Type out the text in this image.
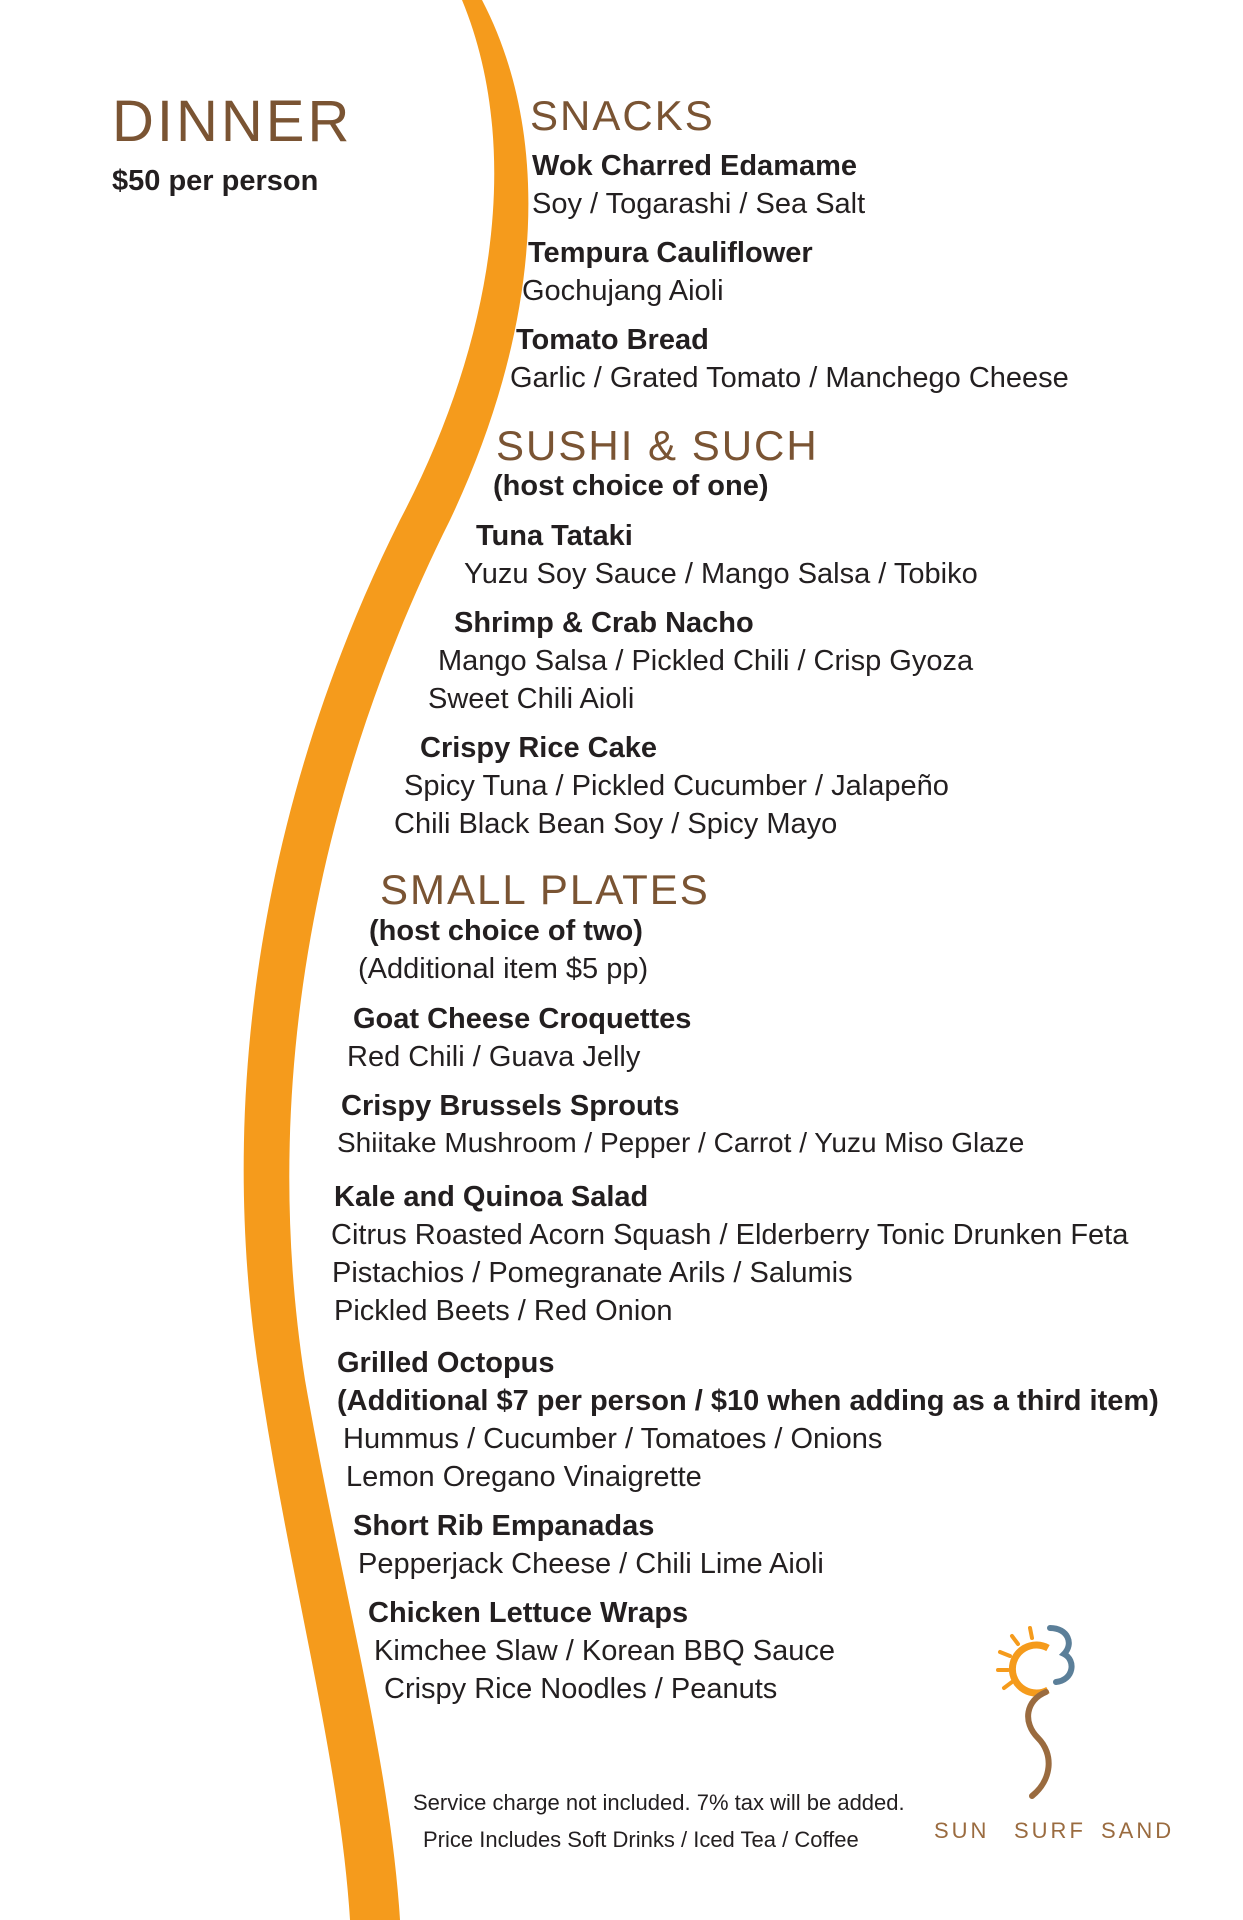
DINNER
$50 per person
SNACKS
Wok Charred Edamame
Soy / Togarashi / Sea Salt
Tempura Cauliflower
Gochujang Aioli
Tomato Bread
Garlic / Grated Tomato / Manchego Cheese
SUSHI & SUCH
(host choice of one)
Tuna Tataki
Yuzu Soy Sauce / Mango Salsa / Tobiko
Shrimp & Crab Nacho
Mango Salsa / Pickled Chili / Crisp Gyoza
Sweet Chili Aioli
Crispy Rice Cake
Spicy Tuna / Pickled Cucumber / Jalapeño
Chili Black Bean Soy / Spicy Mayo
SMALL PLATES
(host choice of two)
(Additional item $5 pp)
Goat Cheese Croquettes
Red Chili / Guava Jelly
Crispy Brussels Sprouts
Shiitake Mushroom / Pepper / Carrot / Yuzu Miso Glaze
Kale and Quinoa Salad
Citrus Roasted Acorn Squash / Elderberry Tonic Drunken Feta
Pistachios / Pomegranate Arils / Salumis
Pickled Beets / Red Onion
Grilled Octopus
(Additional $7 per person / $10 when adding as a third item)
Hummus / Cucumber / Tomatoes / Onions
Lemon Oregano Vinaigrette
Short Rib Empanadas
Pepperjack Cheese / Chili Lime Aioli
Chicken Lettuce Wraps
Kimchee Slaw / Korean BBQ Sauce
Crispy Rice Noodles / Peanuts
Service charge not included. 7% tax will be added.
Price Includes Soft Drinks / Iced Tea / Coffee	SUN SURF SAND
